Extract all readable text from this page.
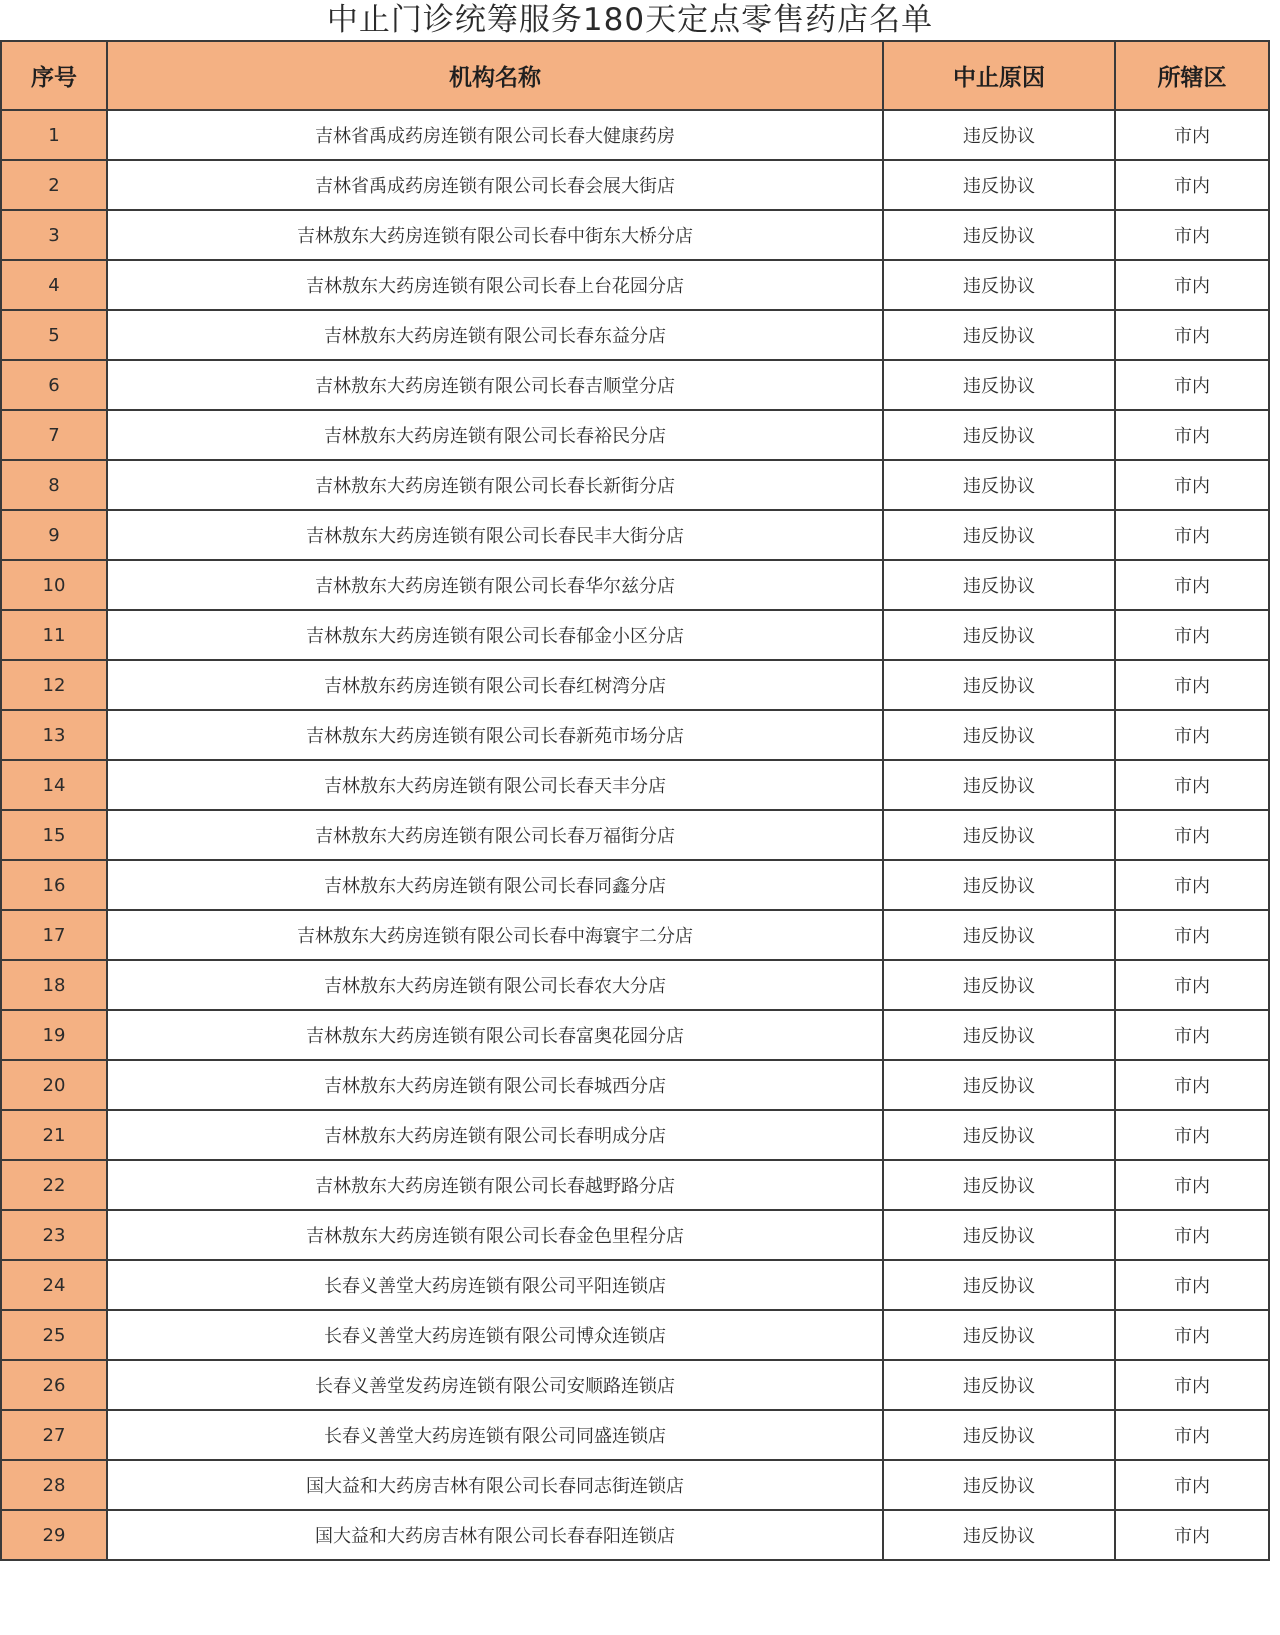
中止门诊统筹服务180天定点零售药店名单
序号	机构名称	中止原因	所辖区
1	吉林省禹成药房连锁有限公司长春大健康药房	违反协议	市内
2	吉林省禹成药房连锁有限公司长春会展大街店	违反协议	市内
3	吉林敖东大药房连锁有限公司长春中街东大桥分店	违反协议	市内
4	吉林敖东大药房连锁有限公司长春上台花园分店	违反协议	市内
5	吉林敖东大药房连锁有限公司长春东益分店	违反协议	市内
6	吉林敖东大药房连锁有限公司长春吉顺堂分店	违反协议	市内
7	吉林敖东大药房连锁有限公司长春裕民分店	违反协议	市内
8	吉林敖东大药房连锁有限公司长春长新街分店	违反协议	市内
9	吉林敖东大药房连锁有限公司长春民丰大街分店	违反协议	市内
10	吉林敖东大药房连锁有限公司长春华尔兹分店	违反协议	市内
11	吉林敖东大药房连锁有限公司长春郁金小区分店	违反协议	市内
12	吉林敖东药房连锁有限公司长春红树湾分店	违反协议	市内
13	吉林敖东大药房连锁有限公司长春新苑市场分店	违反协议	市内
14	吉林敖东大药房连锁有限公司长春天丰分店	违反协议	市内
15	吉林敖东大药房连锁有限公司长春万福街分店	违反协议	市内
16	吉林敖东大药房连锁有限公司长春同鑫分店	违反协议	市内
17	吉林敖东大药房连锁有限公司长春中海寰宇二分店	违反协议	市内
18	吉林敖东大药房连锁有限公司长春农大分店	违反协议	市内
19	吉林敖东大药房连锁有限公司长春富奥花园分店	违反协议	市内
20	吉林敖东大药房连锁有限公司长春城西分店	违反协议	市内
21	吉林敖东大药房连锁有限公司长春明成分店	违反协议	市内
22	吉林敖东大药房连锁有限公司长春越野路分店	违反协议	市内
23	吉林敖东大药房连锁有限公司长春金色里程分店	违反协议	市内
24	长春义善堂大药房连锁有限公司平阳连锁店	违反协议	市内
25	长春义善堂大药房连锁有限公司博众连锁店	违反协议	市内
26	长春义善堂发药房连锁有限公司安顺路连锁店	违反协议	市内
27	长春义善堂大药房连锁有限公司同盛连锁店	违反协议	市内
28	国大益和大药房吉林有限公司长春同志街连锁店	违反协议	市内
29	国大益和大药房吉林有限公司长春春阳连锁店	违反协议	市内
